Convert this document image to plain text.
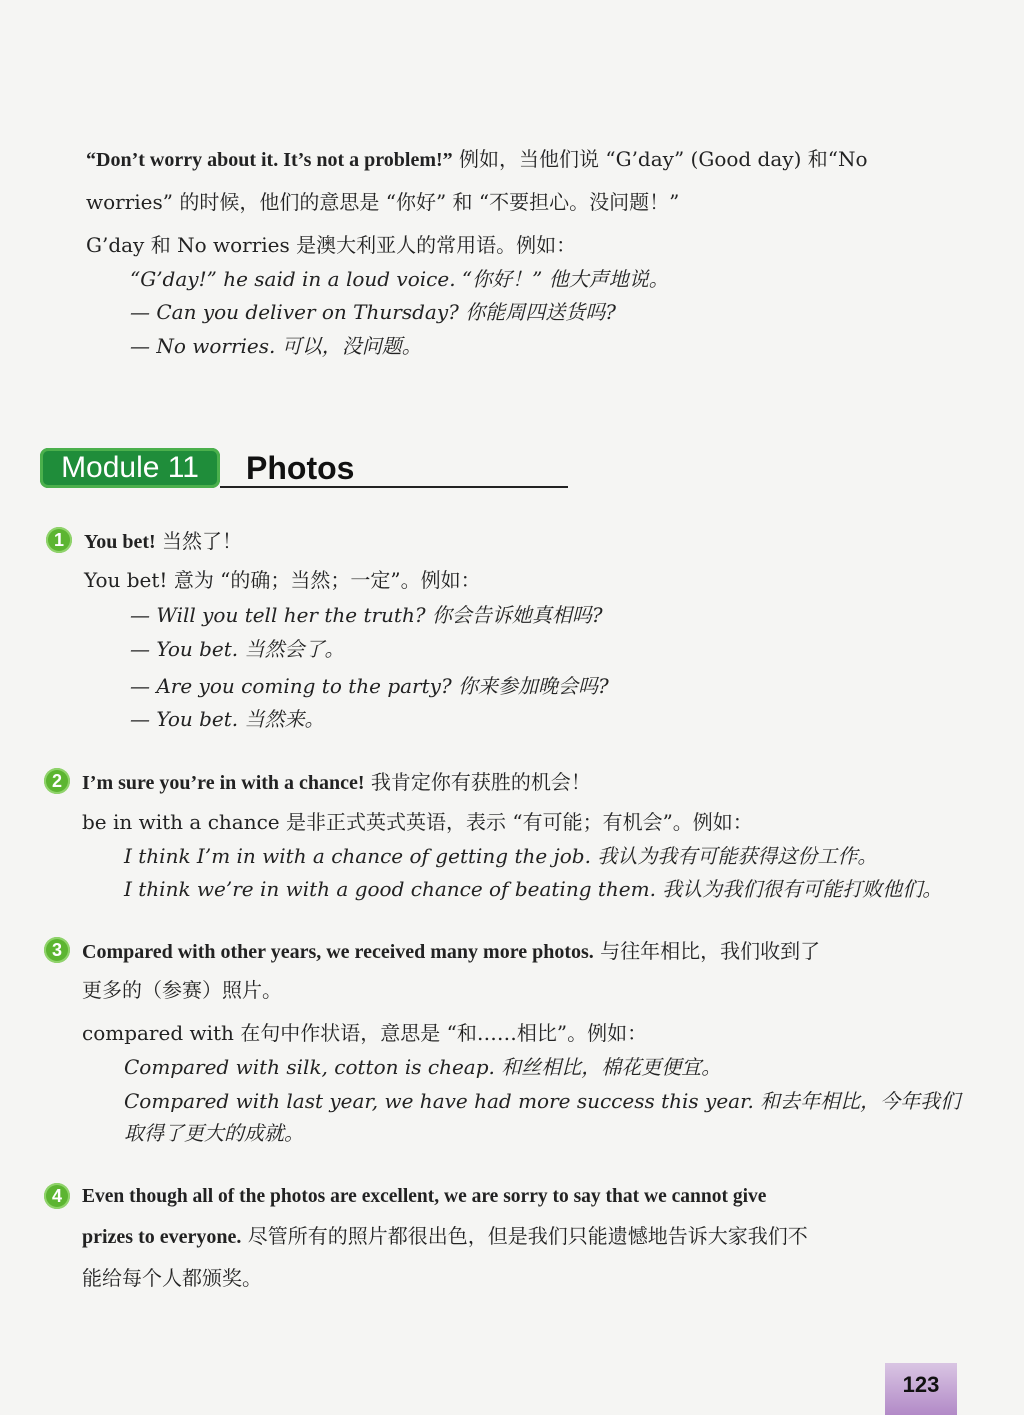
“Don’t worry about it. It’s not a problem!” 例如，当他们说 “G’day” (Good day) 和“No
worries” 的时候，他们的意思是 “你好” 和 “不要担心。没问题！”
G’day 和 No worries 是澳大利亚人的常用语。例如：
“G’day!” he said in a loud voice. “你好！” 他大声地说。
— Can you deliver on Thursday? 你能周四送货吗?
— No worries. 可以，没问题。
Module 11	Photos
1	You bet! 当然了！
You bet! 意为 “的确；当然；一定”。例如：
— Will you tell her the truth? 你会告诉她真相吗?
— You bet. 当然会了。
— Are you coming to the party? 你来参加晚会吗?
— You bet. 当然来。
2	I’m sure you’re in with a chance! 我肯定你有获胜的机会！
be in with a chance 是非正式英式英语，表示 “有可能；有机会”。例如：
I think I’m in with a chance of getting the job. 我认为我有可能获得这份工作。
I think we’re in with a good chance of beating them. 我认为我们很有可能打败他们。
3	Compared with other years, we received many more photos. 与往年相比，我们收到了
更多的（参赛）照片。
compared with 在句中作状语，意思是 “和……相比”。例如：
Compared with silk, cotton is cheap. 和丝相比，棉花更便宜。
Compared with last year, we have had more success this year. 和去年相比，今年我们
取得了更大的成就。
4	Even though all of the photos are excellent, we are sorry to say that we cannot give
prizes to everyone. 尽管所有的照片都很出色，但是我们只能遗憾地告诉大家我们不
能给每个人都颁奖。
123
